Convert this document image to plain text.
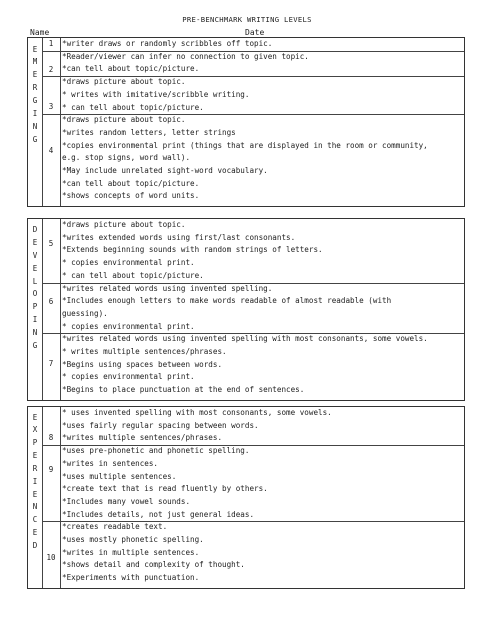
PRE-BENCHMARK WRITING LEVELS
Name	Date
E
M
E
R
G
I
N
G
1	*writer draws or randomly scribbles off topic.
2
*Reader/viewer can infer no connection to given topic.
*can tell about topic/picture.
3
*draws picture about topic.
* writes with imitative/scribble writing.
* can tell about topic/picture.
4
*draws picture about topic.
*writes random letters, letter strings
*copies environmental print (things that are displayed in the room or community,
e.g. stop signs, word wall).
*May include unrelated sight-word vocabulary.
*can tell about topic/picture.
*shows concepts of word units.
D
E
V
E
L
O
P
I
N
G
5
*draws picture about topic.
*writes extended words using first/last consonants.
*Extends beginning sounds with random strings of letters.
* copies environmental print.
* can tell about topic/picture.
6
*writes related words using invented spelling.
*Includes enough letters to make words readable of almost readable (with
guessing).
* copies environmental print.
7
*writes related words using invented spelling with most consonants, some vowels.
* writes multiple sentences/phrases.
*Begins using spaces between words.
* copies environmental print.
*Begins to place punctuation at the end of sentences.
E
X
P
E
R
I
E
N
C
E
D
8
* uses invented spelling with most consonants, some vowels.
*uses fairly regular spacing between words.
*writes multiple sentences/phrases.
9
*uses pre-phonetic and phonetic spelling.
*writes in sentences.
*uses multiple sentences.
*create text that is read fluently by others.
*Includes many vowel sounds.
*Includes details, not just general ideas.
10
*creates readable text.
*uses mostly phonetic spelling.
*writes in multiple sentences.
*shows detail and complexity of thought.
*Experiments with punctuation.
